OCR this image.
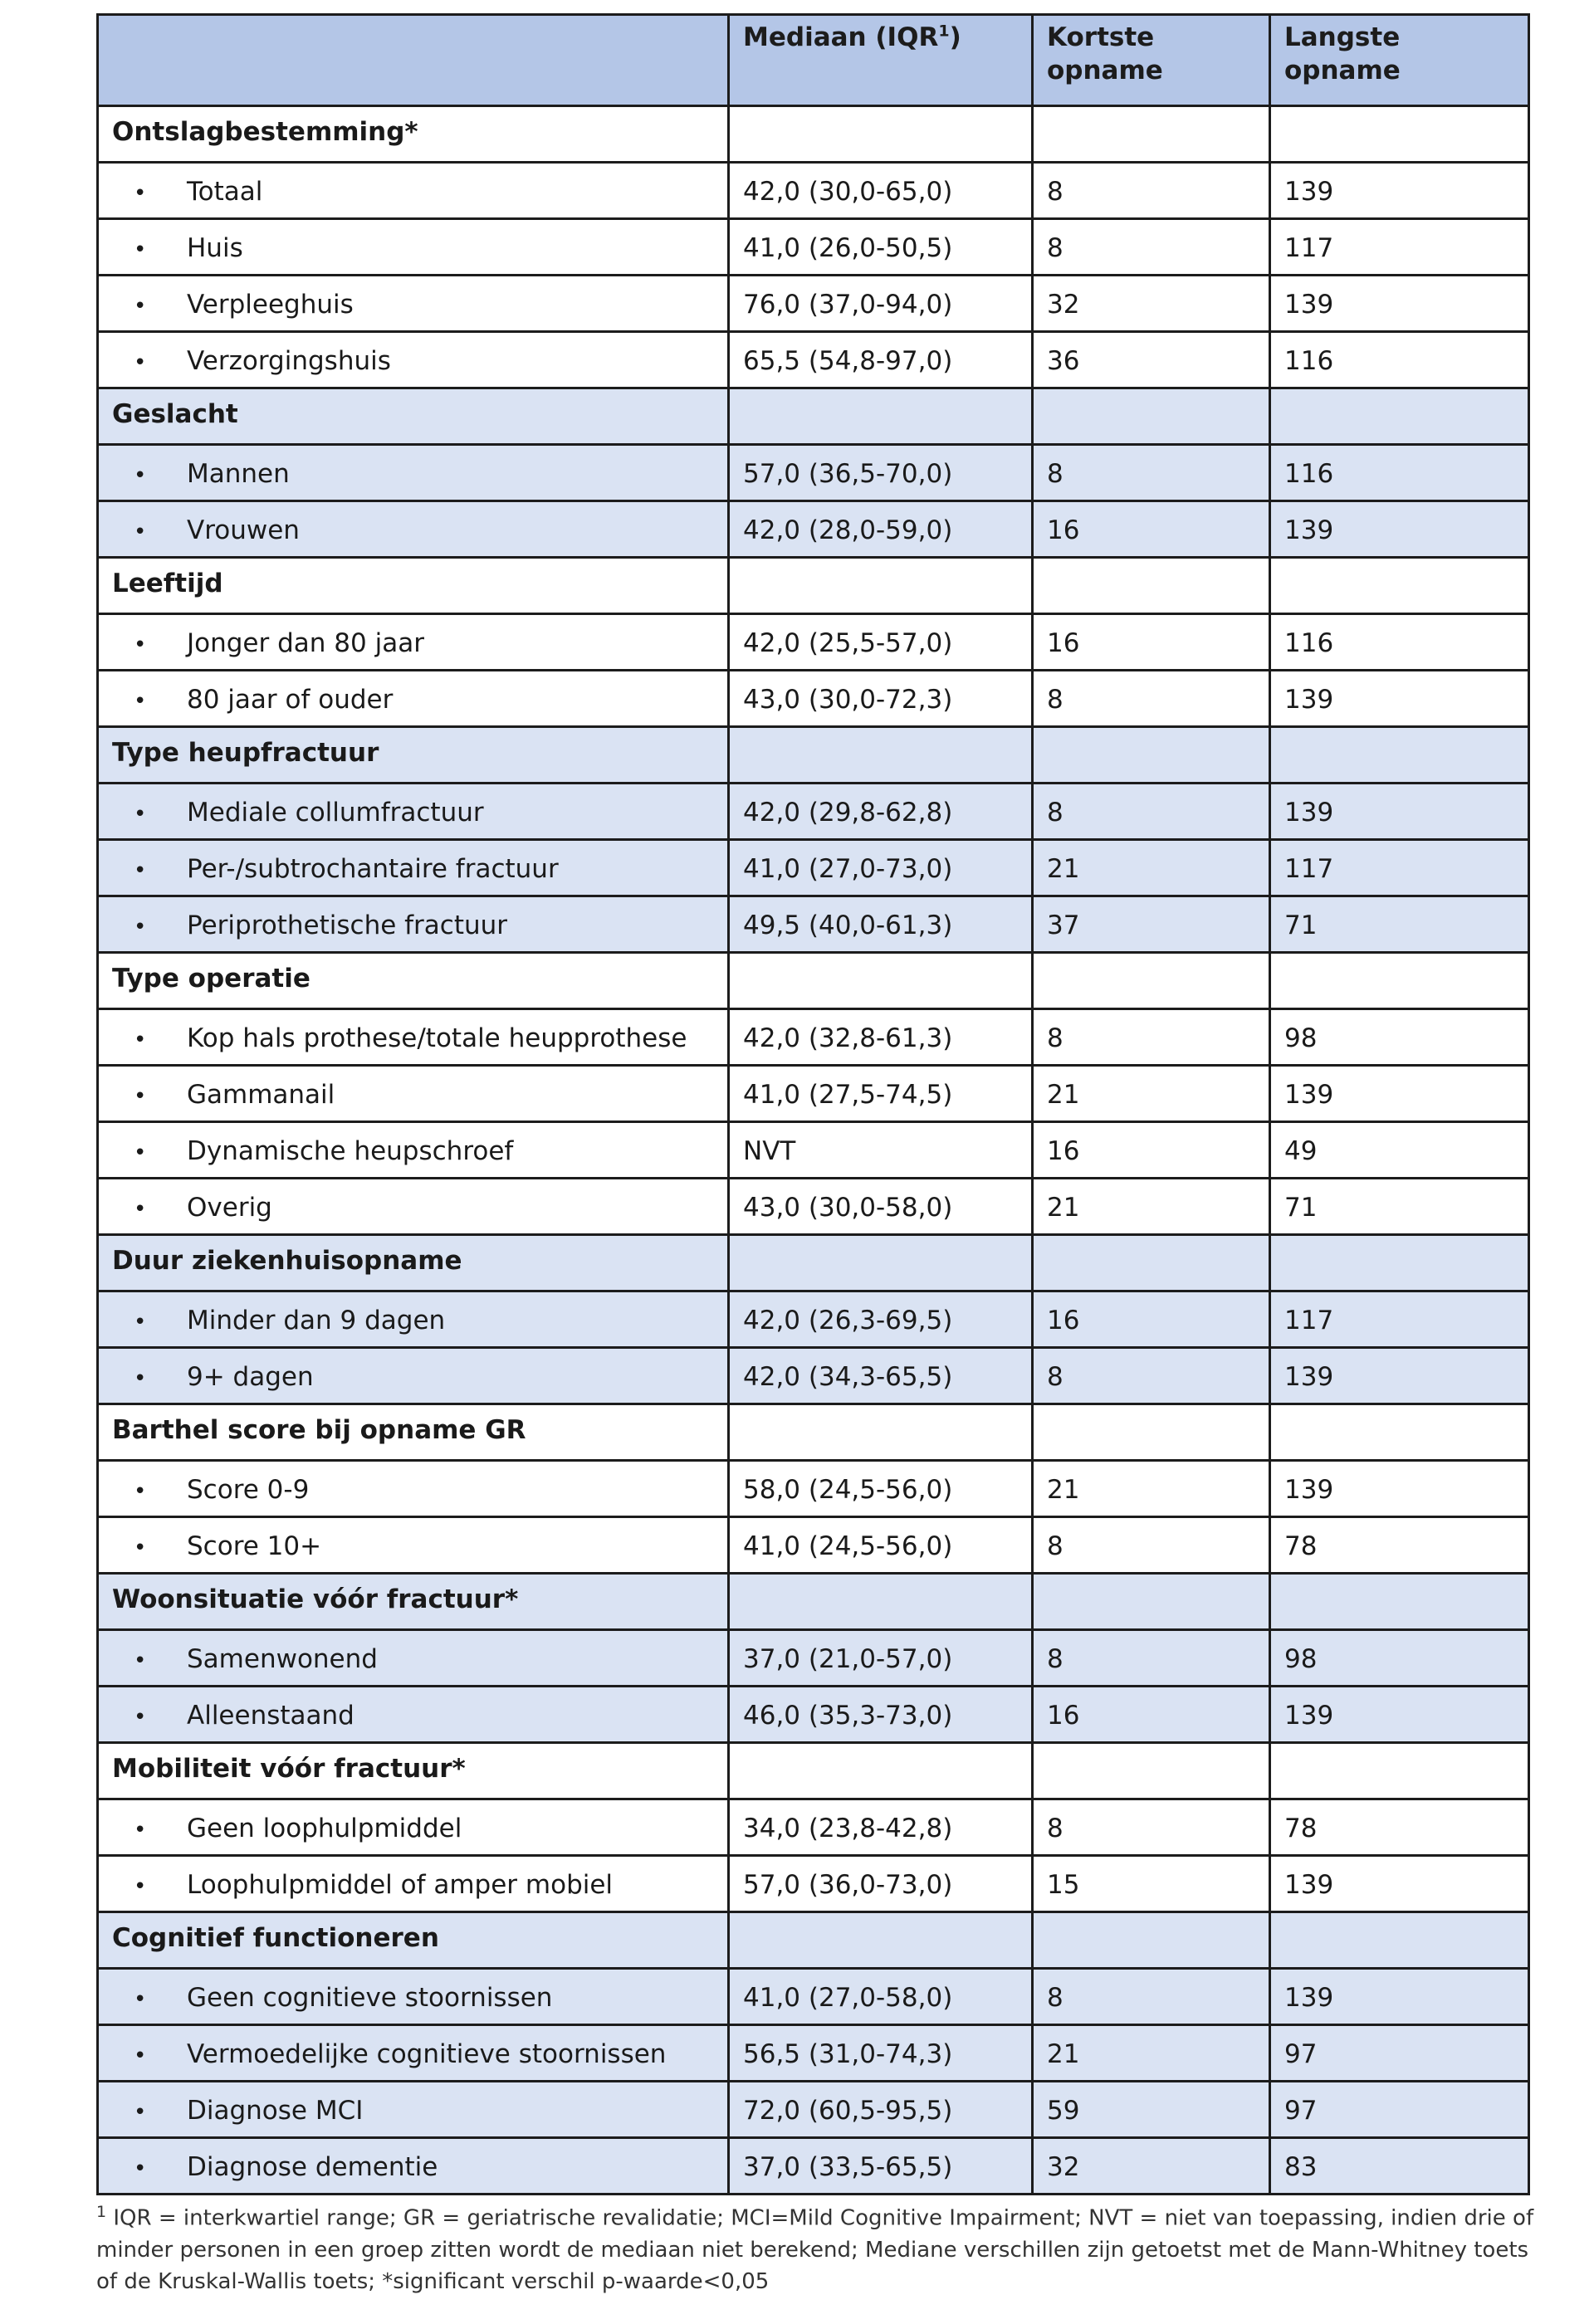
	Mediaan (IQR$^1$)	Kortste opname	Langste opname
Ontslagbestemming*			
• Totaal	42,0 (30,0-65,0)	8	139
• Huis	41,0 (26,0-50,5)	8	117
• Verpleeghuis	76,0 (37,0-94,0)	32	139
• Verzorgingshuis	65,5 (54,8-97,0)	36	116
Geslacht			
• Mannen	57,0 (36,5-70,0)	8	116
• Vrouwen	42,0 (28,0-59,0)	16	139
Leeftijd			
• Jonger dan 80 jaar	42,0 (25,5-57,0)	16	116
• 80 jaar of ouder	43,0 (30,0-72,3)	8	139
Type heupfractuur			
• Mediale collumfractuur	42,0 (29,8-62,8)	8	139
• Per-/subtrochantaire fractuur	41,0 (27,0-73,0)	21	117
• Periprothetische fractuur	49,5 (40,0-61,3)	37	71
Type operatie			
• Kop hals prothese/totale heupprothese	42,0 (32,8-61,3)	8	98
• Gammanail	41,0 (27,5-74,5)	21	139
• Dynamische heupschroef	NVT	16	49
• Overig	43,0 (30,0-58,0)	21	71
Duur ziekenhuisopname			
• Minder dan 9 dagen	42,0 (26,3-69,5)	16	117
• 9+ dagen	42,0 (34,3-65,5)	8	139
Barthel score bij opname GR			
• Score 0-9	58,0 (24,5-56,0)	21	139
• Score 10+	41,0 (24,5-56,0)	8	78
Woonsituatie vóór fractuur*			
• Samenwonend	37,0 (21,0-57,0)	8	98
• Alleenstaand	46,0 (35,3-73,0)	16	139
Mobiliteit vóór fractuur*			
• Geen loophulpmiddel	34,0 (23,8-42,8)	8	78
• Loophulpmiddel of amper mobiel	57,0 (36,0-73,0)	15	139
Cognitief functioneren			
• Geen cognitieve stoornissen	41,0 (27,0-58,0)	8	139
• Vermoedelijke cognitieve stoornissen	56,5 (31,0-74,3)	21	97
• Diagnose MCI	72,0 (60,5-95,5)	59	97
• Diagnose dementie	37,0 (33,5-65,5)	32	83
$^1$ IQR = interkwartiel range; GR = geriatrische revalidatie; MCI=Mild Cognitive Impairment; NVT = niet van toepassing, indien drie of minder personen in een groep zitten wordt de mediaan niet berekend; Mediane verschillen zijn getoetst met de Mann-Whitney toets of de Kruskal-Wallis toets; *significant verschil p-waarde<0,05
